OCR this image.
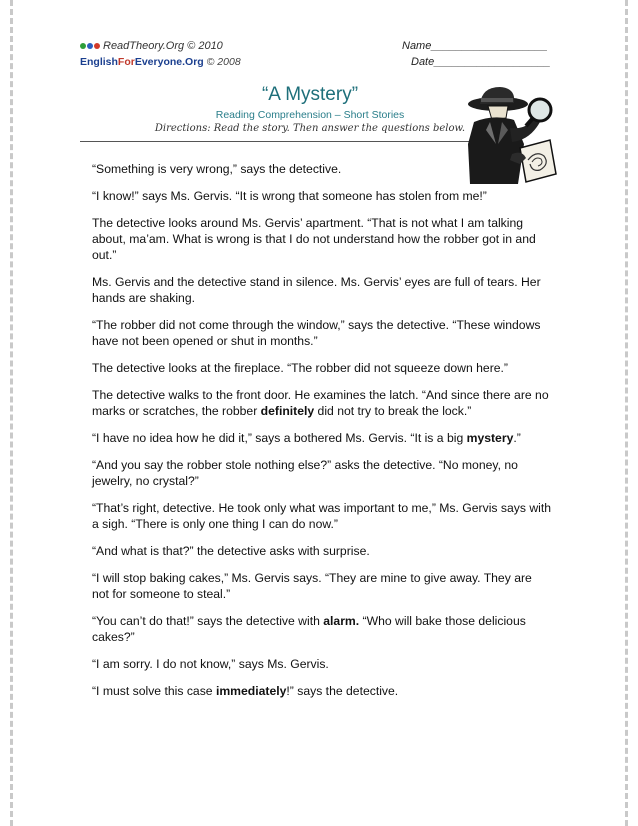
ReadTheory.Org © 2010
EnglishForEveryone.Org © 2008
Name___________________
Date___________________
“A Mystery”
Reading Comprehension – Short Stories
Directions: Read the story. Then answer the questions below.

“Something is very wrong,” says the detective.

“I know!” says Ms. Gervis. “It is wrong that someone has stolen from me!”

The detective looks around Ms. Gervis’ apartment. “That is not what I am talking about, ma’am. What is wrong is that I do not understand how the robber got in and out.”

Ms. Gervis and the detective stand in silence. Ms. Gervis’ eyes are full of tears. Her hands are shaking.

“The robber did not come through the window,” says the detective. “These windows have not been opened or shut in months.”

The detective looks at the fireplace. “The robber did not squeeze down here.”

The detective walks to the front door. He examines the latch. “And since there are no marks or scratches, the robber definitely did not try to break the lock.”

“I have no idea how he did it,” says a bothered Ms. Gervis. “It is a big mystery.”

“And you say the robber stole nothing else?” asks the detective. “No money, no jewelry, no crystal?”

“That’s right, detective. He took only what was important to me,” Ms. Gervis says with a sigh. “There is only one thing I can do now.”

“And what is that?” the detective asks with surprise.

“I will stop baking cakes,” Ms. Gervis says. “They are mine to give away. They are not for someone to steal.”

“You can’t do that!” says the detective with alarm. “Who will bake those delicious cakes?”

“I am sorry. I do not know,” says Ms. Gervis.

“I must solve this case immediately!” says the detective.
